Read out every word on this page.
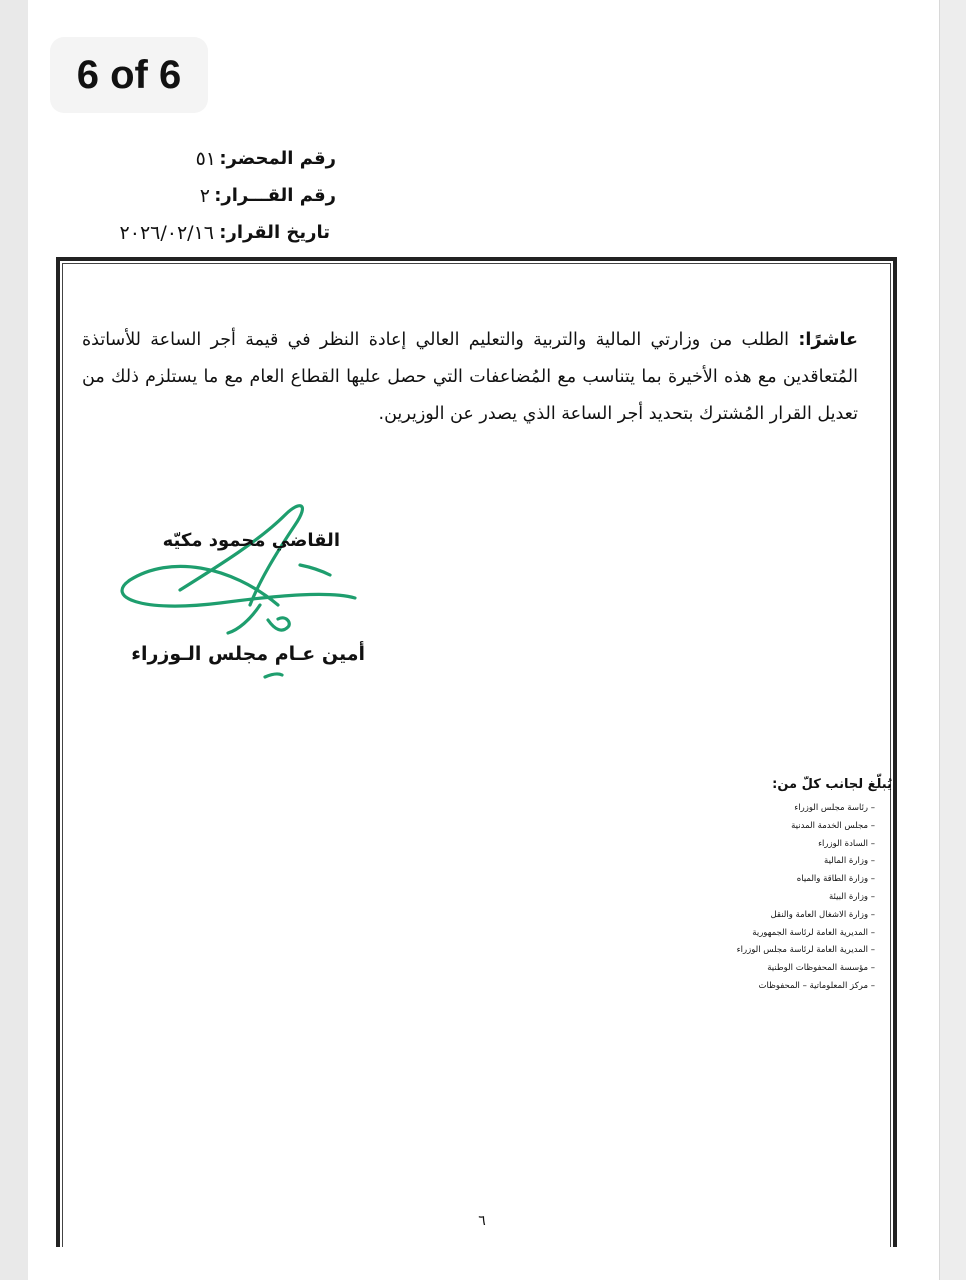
6 of 6
رقم المحضر:
٥١
رقم القـــرار:
٢
تاريخ القرار:
٢٠٢٦/٠٢/١٦
عاشرًا: الطلب من وزارتي المالية والتربية والتعليم العالي إعادة النظر في قيمة أجر الساعة للأساتذة المُتعاقدين مع هذه الأخيرة بما يتناسب مع المُضاعفات التي حصل عليها القطاع العام مع ما يستلزم ذلك من تعديل القرار المُشترك بتحديد أجر الساعة الذي يصدر عن الوزيرين.
القاضي محمود مكيّه
أمين عـام مجلس الـوزراء
يُبلّغ لجانب كلّ من:
– رئاسة مجلس الوزراء
– مجلس الخدمة المدنية
– السادة الوزراء
– وزارة المالية
– وزارة الطاقة والمياه
– وزارة البيئة
– وزارة الاشغال العامة والنقل
– المديرية العامة لرئاسة الجمهورية
– المديرية العامة لرئاسة مجلس الوزراء
– مؤسسة المحفوظات الوطنية
– مركز المعلوماتية – المحفوظات
٦
